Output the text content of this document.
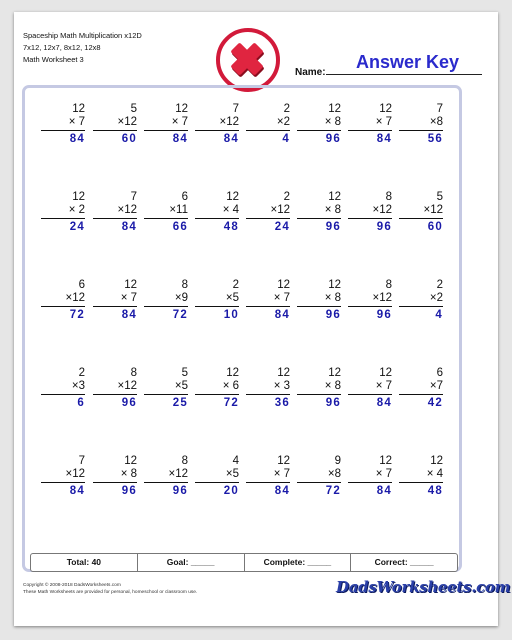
Spaceship Math Multiplication x12D
7x12, 12x7, 8x12, 12x8
Math Worksheet 3
Name:
Answer Key
12
× 7
84
5
×12
60
12
× 7
84
7
×12
84
2
×2
4
12
× 8
96
12
× 7
84
7
×8
56
12
× 2
24
7
×12
84
6
×11
66
12
× 4
48
2
×12
24
12
× 8
96
8
×12
96
5
×12
60
6
×12
72
12
× 7
84
8
×9
72
2
×5
10
12
× 7
84
12
× 8
96
8
×12
96
2
×2
4
2
×3
6
8
×12
96
5
×5
25
12
× 6
72
12
× 3
36
12
× 8
96
12
× 7
84
6
×7
42
7
×12
84
12
× 8
96
8
×12
96
4
×5
20
12
× 7
84
9
×8
72
12
× 7
84
12
× 4
48
Total: 40	Goal: _____	Complete: _____	Correct: _____
Copyright © 2008-2018 DadsWorksheets.com
These Math Worksheets are provided for personal, homeschool or classroom use.	DadsWorksheets.com
